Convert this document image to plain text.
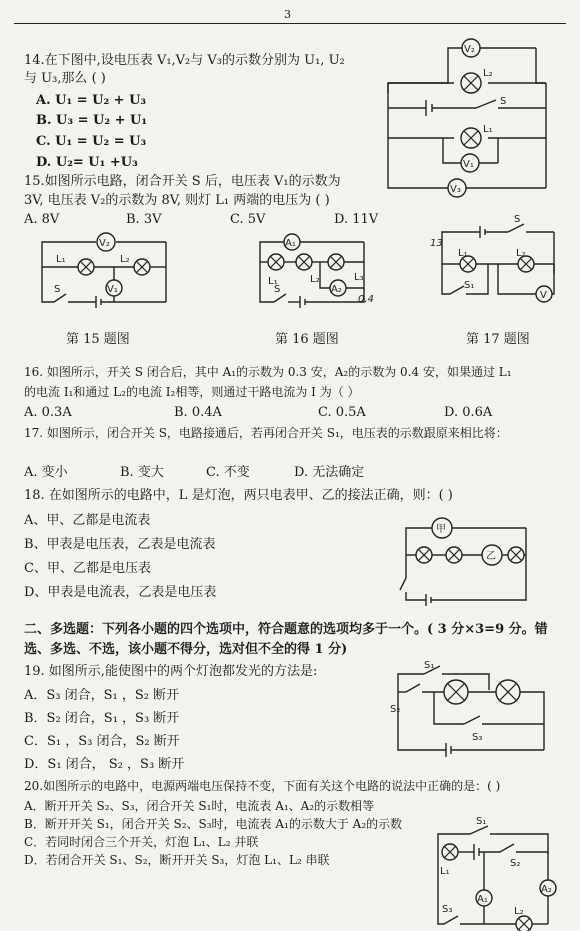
3
14.在下图中,设电压表 V₁,V₂与 V₃的示数分别为 U₁, U₂
与 U₃,那么 ( )
A. U₁ = U₂ + U₃
B. U₃ = U₂ + U₁
C. U₁ = U₂ = U₃
D. U₂= U₁ +U₃
V₂
L₂
S
L₁
V₁
V₃
15.如图所示电路，闭合开关 S 后，电压表 V₁的示数为
3V, 电压表 V₂的示数为 8V, 则灯 L₁ 两端的电压为 ( )
A. 8V	B. 3V	C. 5V	D. 11V
V₂
L₁	L₂
V₁
S
A₁
L₁	L₂	L₃
A₂
S
0.4
13
S
L₁	L₂
S₁
V
第 15 题图	第 16 题图	第 17 题图
16. 如图所示，开关 S 闭合后，其中 A₁的示数为 0.3 安，A₂的示数为 0.4 安，如果通过 L₁
的电流 I₁和通过 L₂的电流 I₂相等，则通过干路电流为 I 为（ ）
A. 0.3A	B. 0.4A	C. 0.5A	D. 0.6A
17. 如图所示，闭合开关 S，电路接通后，若再闭合开关 S₁，电压表的示数跟原来相比将：
A. 变小	B. 变大	C. 不变	D. 无法确定
18. 在如图所示的电路中，L 是灯泡，两只电表甲、乙的接法正确，则：( )
A、甲、乙都是电流表
B、甲表是电压表，乙表是电流表
C、甲、乙都是电压表
D、甲表是电流表，乙表是电压表
甲
乙
二、多选题：下列各小题的四个选项中，符合题意的选项均多于一个。( 3 分×3=9 分。错
选、多选、不选，该小题不得分，选对但不全的得 1 分)
19. 如图所示,能使图中的两个灯泡都发光的方法是:
A．S₃ 闭合，S₁ ，S₂ 断开
B．S₂ 闭合，S₁ ，S₃ 断开
C．S₁ ，S₃ 闭合，S₂ 断开
D．S₁ 闭合， S₂ ，S₃ 断开
S₁
S₂
S₃
20.如图所示的电路中，电源两端电压保持不变，下面有关这个电路的说法中正确的是：( )
A．断开开关 S₂、S₃，闭合开关 S₁时，电流表 A₁、A₂的示数相等
B．断开开关 S₁，闭合开关 S₂、S₃时，电流表 A₁的示数大于 A₂的示数
C．若同时闭合三个开关，灯泡 L₁、L₂ 并联
D．若闭合开关 S₁、S₂，断开开关 S₃，灯泡 L₁、L₂ 串联
S₁
L₁
S₂
A₂
S₃
A₁
L₂
